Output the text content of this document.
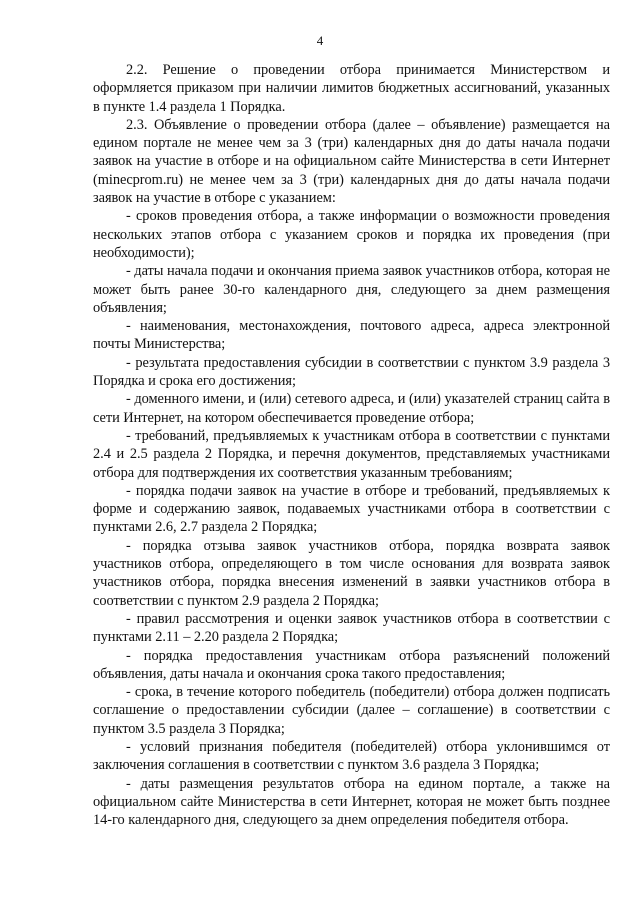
4

2.2. Решение о проведении отбора принимается Министерством и оформляется приказом при наличии лимитов бюджетных ассигнований, указанных в пункте 1.4 раздела 1 Порядка.

2.3. Объявление о проведении отбора (далее – объявление) размещается на едином портале не менее чем за 3 (три) календарных дня до даты начала подачи заявок на участие в отборе и на официальном сайте Министерства в сети Интернет (minecprom.ru) не менее чем за 3 (три) календарных дня до даты начала подачи заявок на участие в отборе с указанием:

- сроков проведения отбора, а также информации о возможности проведения нескольких этапов отбора с указанием сроков и порядка их проведения (при необходимости);

- даты начала подачи и окончания приема заявок участников отбора, которая не может быть ранее 30-го календарного дня, следующего за днем размещения объявления;

- наименования, местонахождения, почтового адреса, адреса электронной почты Министерства;

- результата предоставления субсидии в соответствии с пунктом 3.9 раздела 3 Порядка и срока его достижения;

- доменного имени, и (или) сетевого адреса, и (или) указателей страниц сайта в сети Интернет, на котором обеспечивается проведение отбора;

- требований, предъявляемых к участникам отбора в соответствии с пунктами 2.4 и 2.5 раздела 2 Порядка, и перечня документов, представляемых участниками отбора для подтверждения их соответствия указанным требованиям;

- порядка подачи заявок на участие в отборе и требований, предъявляемых к форме и содержанию заявок, подаваемых участниками отбора в соответствии с пунктами 2.6, 2.7 раздела 2 Порядка;

- порядка отзыва заявок участников отбора, порядка возврата заявок участников отбора, определяющего в том числе основания для возврата заявок участников отбора, порядка внесения изменений в заявки участников отбора в соответствии с пунктом 2.9 раздела 2 Порядка;

- правил рассмотрения и оценки заявок участников отбора в соответствии с пунктами 2.11 – 2.20 раздела 2 Порядка;

- порядка предоставления участникам отбора разъяснений положений объявления, даты начала и окончания срока такого предоставления;

- срока, в течение которого победитель (победители) отбора должен подписать соглашение о предоставлении субсидии (далее – соглашение) в соответствии с пунктом 3.5 раздела 3 Порядка;

- условий признания победителя (победителей) отбора уклонившимся от заключения соглашения в соответствии с пунктом 3.6 раздела 3 Порядка;

- даты размещения результатов отбора на едином портале, а также на официальном сайте Министерства в сети Интернет, которая не может быть позднее 14-го календарного дня, следующего за днем определения победителя отбора.
